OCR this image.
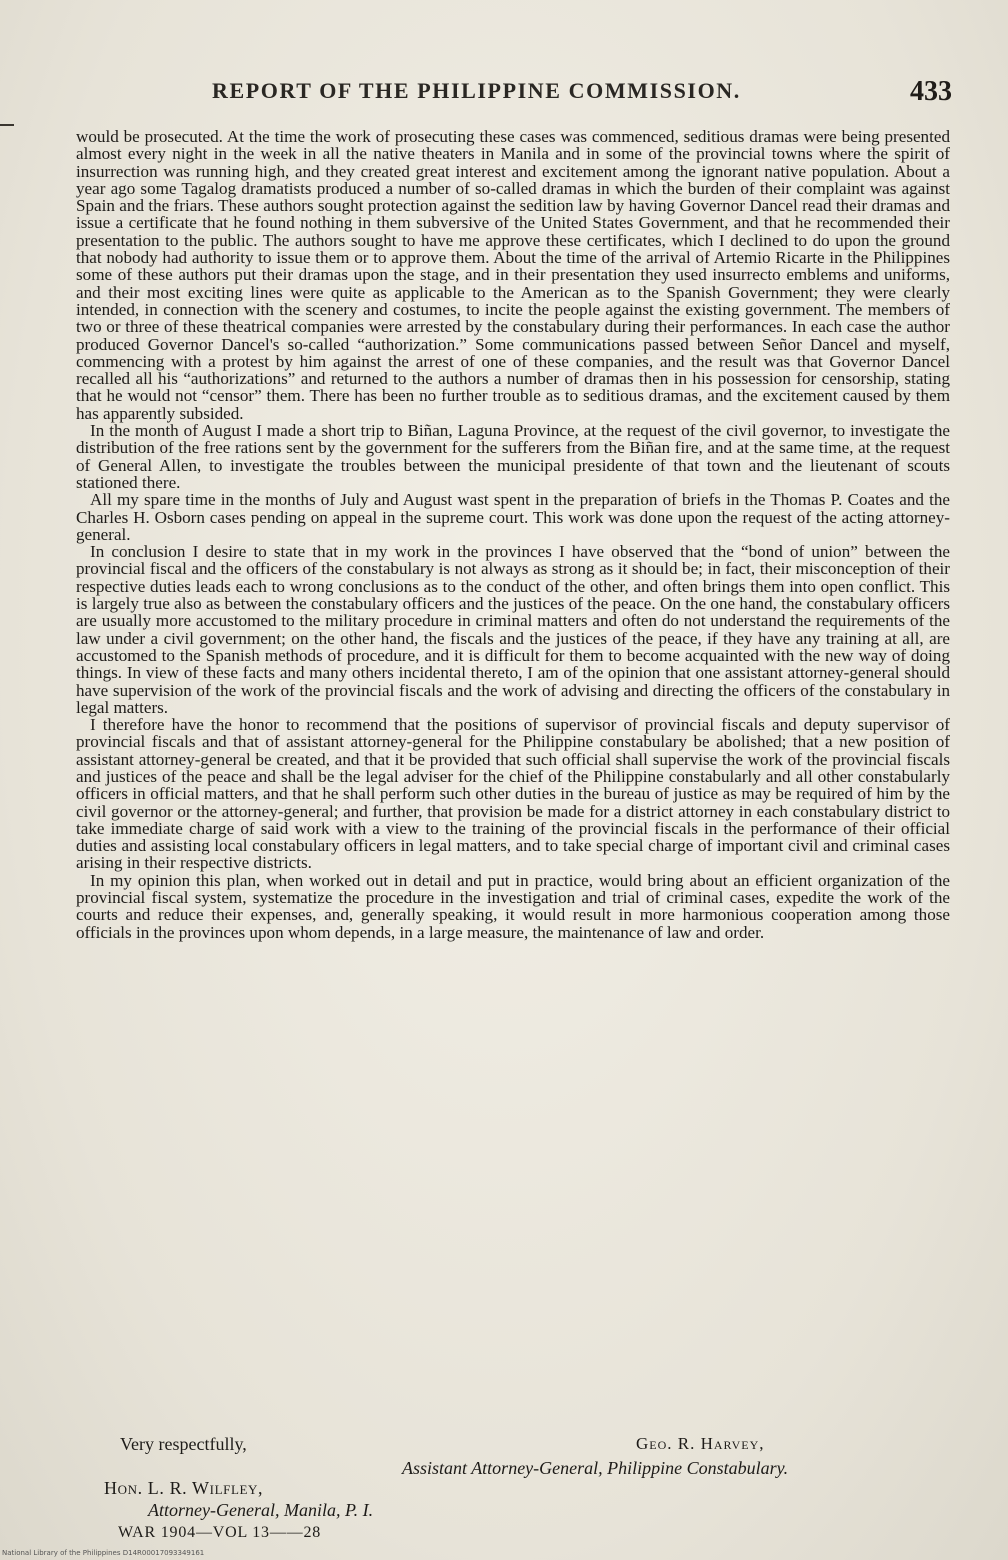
REPORT OF THE PHILIPPINE COMMISSION.	433

would be prosecuted. At the time the work of prosecuting these cases was commenced, seditious dramas were being presented almost every night in the week in all the native theaters in Manila and in some of the provincial towns where the spirit of insurrection was running high, and they created great interest and excitement among the ignorant native population. About a year ago some Tagalog dramatists produced a number of so-called dramas in which the burden of their complaint was against Spain and the friars. These authors sought protection against the sedition law by having Governor Dancel read their dramas and issue a certificate that he found nothing in them subversive of the United States Government, and that he recommended their presentation to the public. The authors sought to have me approve these certificates, which I declined to do upon the ground that nobody had authority to issue them or to approve them. About the time of the arrival of Artemio Ricarte in the Philippines some of these authors put their dramas upon the stage, and in their presentation they used insurrecto emblems and uniforms, and their most exciting lines were quite as applicable to the American as to the Spanish Government; they were clearly intended, in connection with the scenery and costumes, to incite the people against the existing government. The members of two or three of these theatrical companies were arrested by the constabulary during their performances. In each case the author produced Governor Dancel's so-called “authorization.” Some communications passed between Señor Dancel and myself, commencing with a protest by him against the arrest of one of these companies, and the result was that Governor Dancel recalled all his “authorizations” and returned to the authors a number of dramas then in his possession for censorship, stating that he would not “censor” them. There has been no further trouble as to seditious dramas, and the excitement caused by them has apparently subsided.

In the month of August I made a short trip to Biñan, Laguna Province, at the request of the civil governor, to investigate the distribution of the free rations sent by the government for the sufferers from the Biñan fire, and at the same time, at the request of General Allen, to investigate the troubles between the municipal presidente of that town and the lieutenant of scouts stationed there.

All my spare time in the months of July and August wast spent in the preparation of briefs in the Thomas P. Coates and the Charles H. Osborn cases pending on appeal in the supreme court. This work was done upon the request of the acting attorney-general.

In conclusion I desire to state that in my work in the provinces I have observed that the “bond of union” between the provincial fiscal and the officers of the constabulary is not always as strong as it should be; in fact, their misconception of their respective duties leads each to wrong conclusions as to the conduct of the other, and often brings them into open conflict. This is largely true also as between the constabulary officers and the justices of the peace. On the one hand, the constabulary officers are usually more accustomed to the military procedure in criminal matters and often do not understand the requirements of the law under a civil government; on the other hand, the fiscals and the justices of the peace, if they have any training at all, are accustomed to the Spanish methods of procedure, and it is difficult for them to become acquainted with the new way of doing things. In view of these facts and many others incidental thereto, I am of the opinion that one assistant attorney-general should have supervision of the work of the provincial fiscals and the work of advising and directing the officers of the constabulary in legal matters.

I therefore have the honor to recommend that the positions of supervisor of provincial fiscals and deputy supervisor of provincial fiscals and that of assistant attorney-general for the Philippine constabulary be abolished; that a new position of assistant attorney-general be created, and that it be provided that such official shall supervise the work of the provincial fiscals and justices of the peace and shall be the legal adviser for the chief of the Philippine constabularly and all other constabularly officers in official matters, and that he shall perform such other duties in the bureau of justice as may be required of him by the civil governor or the attorney-general; and further, that provision be made for a district attorney in each constabulary district to take immediate charge of said work with a view to the training of the provincial fiscals in the performance of their official duties and assisting local constabulary officers in legal matters, and to take special charge of important civil and criminal cases arising in their respective districts.

In my opinion this plan, when worked out in detail and put in practice, would bring about an efficient organization of the provincial fiscal system, systematize the procedure in the investigation and trial of criminal cases, expedite the work of the courts and reduce their expenses, and, generally speaking, it would result in more harmonious cooperation among those officials in the provinces upon whom depends, in a large measure, the maintenance of law and order.

Very respectfully,	Geo. R. Harvey,
Assistant Attorney-General, Philippine Constabulary.
Hon. L. R. Wilfley,
Attorney-General, Manila, P. I.
WAR 1904—VOL 13——28
National Library of the Philippines D14R00017093349161
